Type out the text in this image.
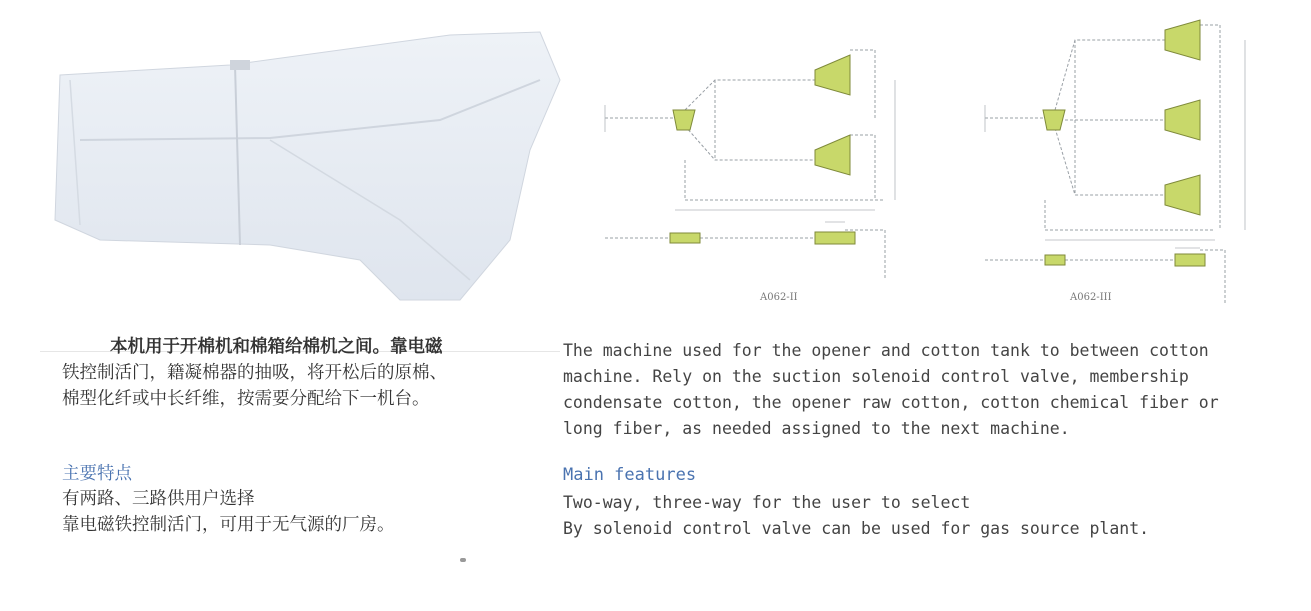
A062-II	A062-III

本机用于开棉机和棉箱给棉机之间。靠电磁

铁控制活门，籍凝棉器的抽吸，将开松后的原棉、

棉型化纤或中长纤维，按需要分配给下一机台。

The machine used for the opener and cotton tank to between cotton
machine. Rely on the suction solenoid control valve, membership
condensate cotton, the opener raw cotton, cotton chemical fiber or
long fiber, as needed assigned to the next machine.
主要特点	Main features

有两路、三路供用户选择

靠电磁铁控制活门，可用于无气源的厂房。

Two-way, three-way for the user to select
By solenoid control valve can be used for gas source plant.
